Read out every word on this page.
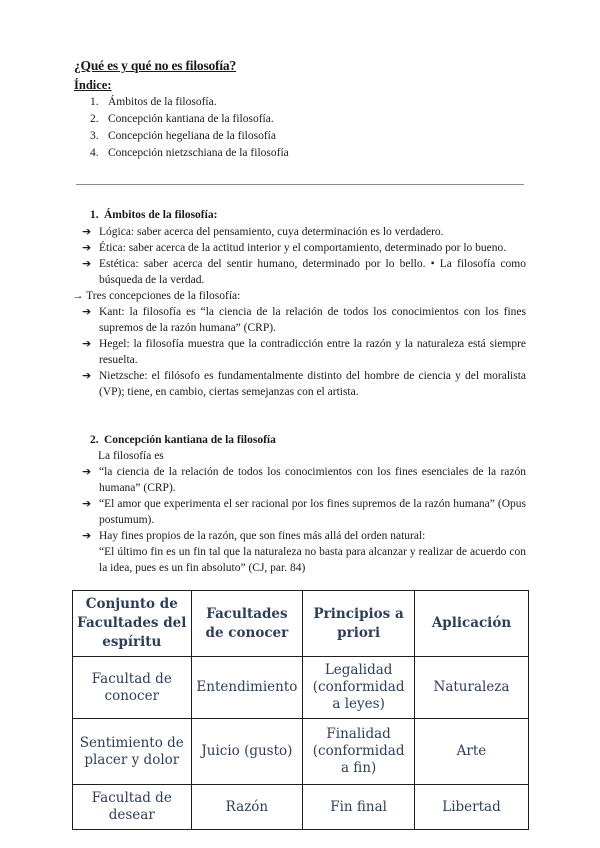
¿Qué es y qué no es filosofía?
Índice:
1. Ámbitos de la filosofía.
2. Concepción kantiana de la filosofía.
3. Concepción hegeliana de la filosofía
4. Concepción nietzschiana de la filosofía
1. Ámbitos de la filosofía:
➔ Lógica: saber acerca del pensamiento, cuya determinación es lo verdadero.
➔ Ética: saber acerca de la actitud interior y el comportamiento, determinado por lo bueno.
➔ Estética: saber acerca del sentir humano, determinado por lo bello. • La filosofía como búsqueda de la verdad.
→ Tres concepciones de la filosofía:
➔ Kant: la filosofía es “la ciencia de la relación de todos los conocimientos con los fines supremos de la razón humana” (CRP).
➔ Hegel: la filosofía muestra que la contradicción entre la razón y la naturaleza está siempre resuelta.
➔ Nietzsche: el filósofo es fundamentalmente distinto del hombre de ciencia y del moralista (VP); tiene, en cambio, ciertas semejanzas con el artista.
2. Concepción kantiana de la filosofía
La filosofía es
➔ “la ciencia de la relación de todos los conocimientos con los fines esenciales de la razón humana” (CRP).
➔ “El amor que experimenta el ser racional por los fines supremos de la razón humana” (Opus postumum).
➔ Hay fines propios de la razón, que son fines más allá del orden natural:
“El último fin es un fin tal que la naturaleza no basta para alcanzar y realizar de acuerdo con la idea, pues es un fin absoluto” (CJ, par. 84)
Conjunto de Facultades del espíritu	Facultades de conocer	Principios a priori	Aplicación
Facultad de conocer	Entendimiento	Legalidad (conformidad a leyes)	Naturaleza
Sentimiento de placer y dolor	Juicio (gusto)	Finalidad (conformidad a fin)	Arte
Facultad de desear	Razón	Fin final	Libertad
